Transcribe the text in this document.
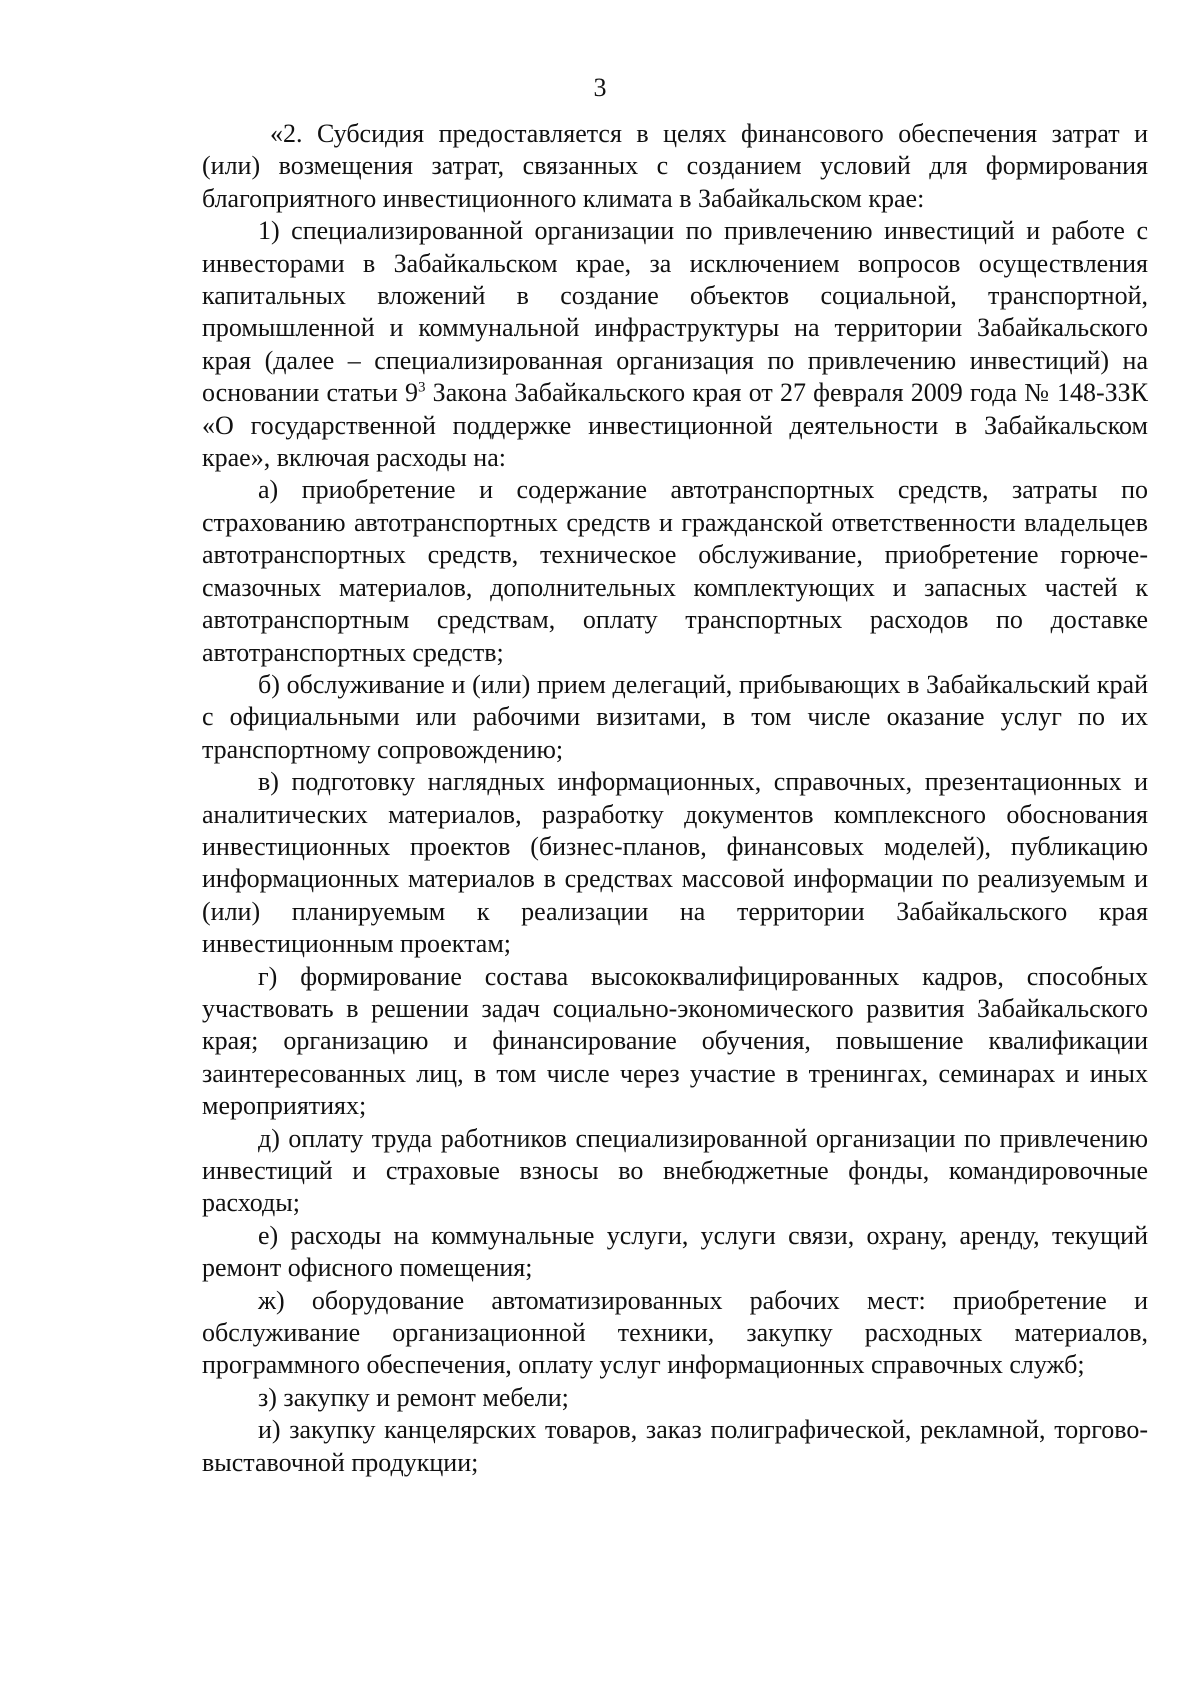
3

«2. Субсидия предоставляется в целях финансового обеспечения затрат и (или) возмещения затрат, связанных с созданием условий для формирования благоприятного инвестиционного климата в Забайкальском крае:

1) специализированной организации по привлечению инвестиций и работе с инвесторами в Забайкальском крае, за исключением вопросов осуществления капитальных вложений в создание объектов социальной, транспортной, промышленной и коммунальной инфраструктуры на территории Забайкальского края (далее – специализированная организация по привлечению инвестиций) на основании статьи $9^3$ Закона Забайкальского края от 27 февраля 2009 года № 148-ЗЗК «О государственной поддержке инвестиционной деятельности в Забайкальском крае», включая расходы на:

а) приобретение и содержание автотранспортных средств, затраты по страхованию автотранспортных средств и гражданской ответственности владельцев автотранспортных средств, техническое обслуживание, приобретение горюче-смазочных материалов, дополнительных комплектующих и запасных частей к автотранспортным средствам, оплату транспортных расходов по доставке автотранспортных средств;

б) обслуживание и (или) прием делегаций, прибывающих в Забайкальский край с официальными или рабочими визитами, в том числе оказание услуг по их транспортному сопровождению;

в) подготовку наглядных информационных, справочных, презентационных и аналитических материалов, разработку документов комплексного обоснования инвестиционных проектов (бизнес-планов, финансовых моделей), публикацию информационных материалов в средствах массовой информации по реализуемым и (или) планируемым к реализации на территории Забайкальского края инвестиционным проектам;

г) формирование состава высококвалифицированных кадров, способных участвовать в решении задач социально-экономического развития Забайкальского края; организацию и финансирование обучения, повышение квалификации заинтересованных лиц, в том числе через участие в тренингах, семинарах и иных мероприятиях;

д) оплату труда работников специализированной организации по привлечению инвестиций и страховые взносы во внебюджетные фонды, командировочные расходы;

е) расходы на коммунальные услуги, услуги связи, охрану, аренду, текущий ремонт офисного помещения;

ж) оборудование автоматизированных рабочих мест: приобретение и обслуживание организационной техники, закупку расходных материалов, программного обеспечения, оплату услуг информационных справочных служб;

з) закупку и ремонт мебели;

и) закупку канцелярских товаров, заказ полиграфической, рекламной, торгово-выставочной продукции;
